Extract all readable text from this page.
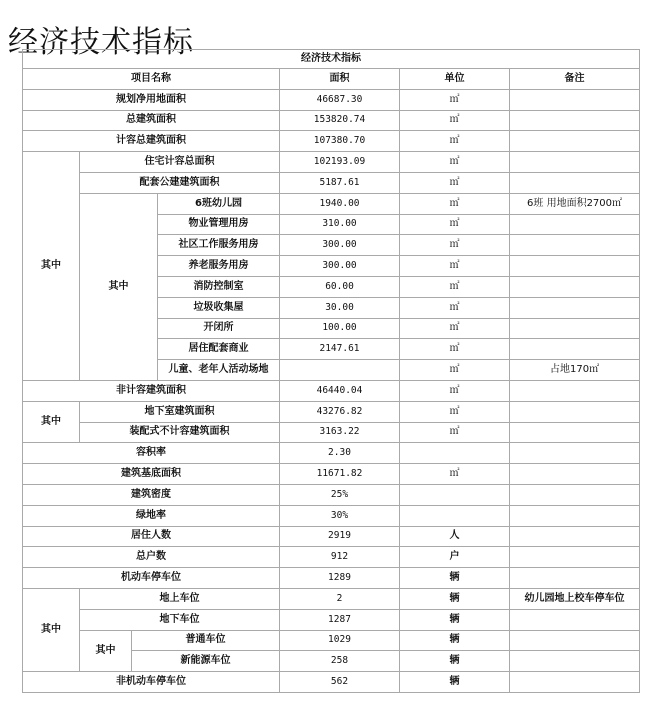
经济技术指标	经济技术指标						
项目名称				面积	单位	备注
规划净用地面积				46687.30	㎡	
总建筑面积				153820.74	㎡	
计容总建筑面积				107380.70	㎡	
其中	住宅计容总面积			102193.09	㎡	
	配套公建建筑面积			5187.61	㎡	
	其中		6班幼儿园	1940.00	㎡	6班 用地面积2700㎡
			物业管理用房	310.00	㎡	
			社区工作服务用房	300.00	㎡	
			养老服务用房	300.00	㎡	
			消防控制室	60.00	㎡	
			垃圾收集屋	30.00	㎡	
			开闭所	100.00	㎡	
			居住配套商业	2147.61	㎡	
			儿童、老年人活动场地		㎡	占地170㎡
非计容建筑面积				46440.04	㎡	
其中	地下室建筑面积			43276.82	㎡	
	装配式不计容建筑面积			3163.22	㎡	
容积率				2.30		
建筑基底面积				11671.82	㎡	
建筑密度				25%		
绿地率				30%		
居住人数				2919	人	
总户数				912	户	
机动车停车位				1289	辆	
其中	地上车位			2	辆	幼儿园地上校车停车位
	地下车位			1287	辆	
	其中	普通车位		1029	辆	
		新能源车位		258	辆	
非机动车停车位				562	辆	
